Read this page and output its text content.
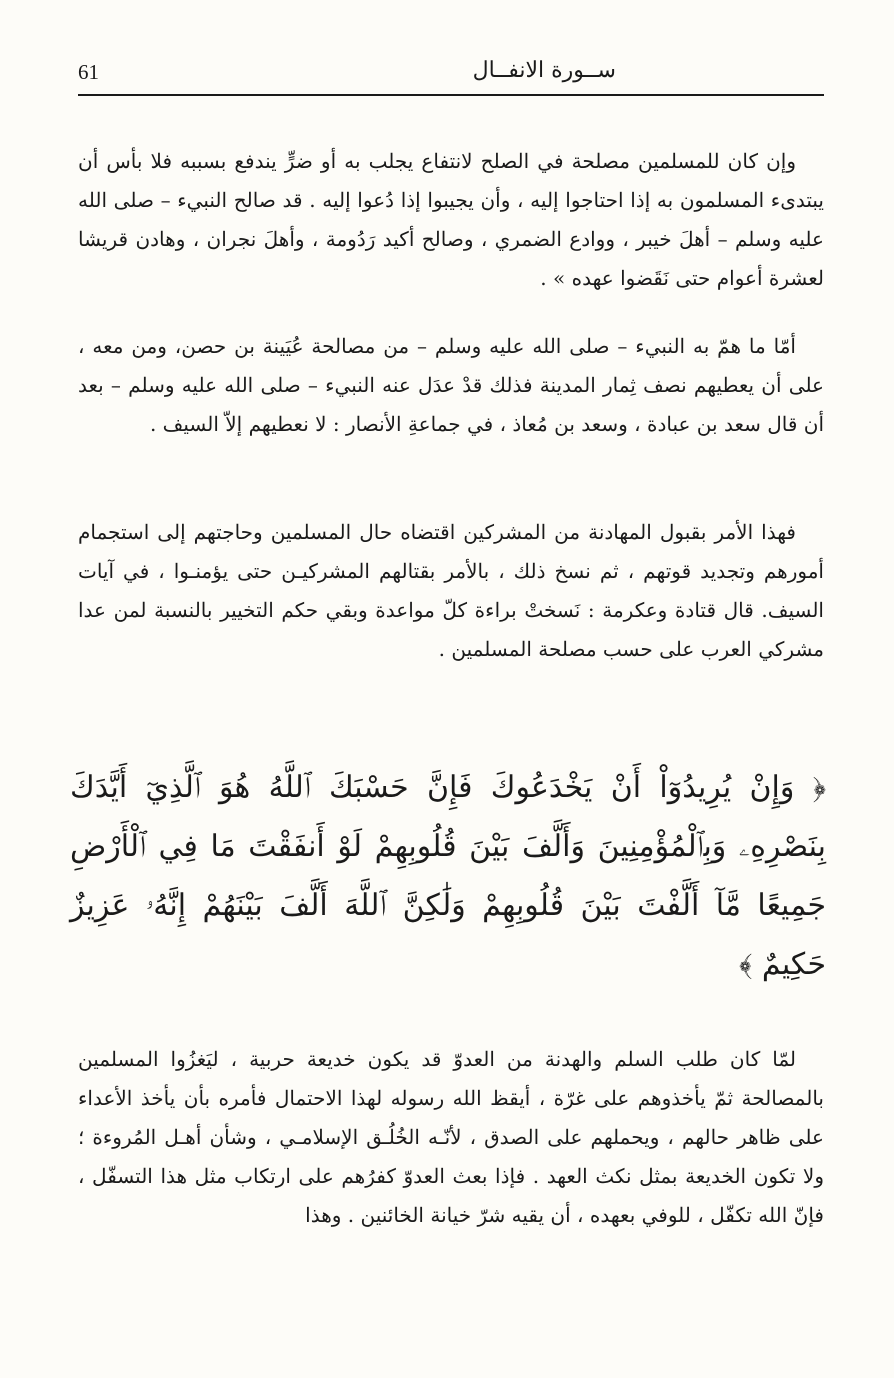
61	ســورة الانفــال

وإن كان للمسلمين مصلحة في الصلح لانتفاع يجلب به أو ضرٍّ يندفع بسببه فلا بأس أن يبتدىء المسلمون به إذا احتاجوا إليه ، وأن يجيبوا إذا دُعوا إليه . قد صالح النبيء – صلى الله عليه وسلم – أهلَ خيبر ، ووادع الضمري ، وصالح أكيد رَدُومة ، وأهلَ نجران ، وهادن قريشا لعشرة أعوام حتى نَقَضوا عهده » .

أمّا ما همّ به النبيء – صلى الله عليه وسلم – من مصالحة عُيَينة بن حصن، ومن معه ، على أن يعطيهم نصف ثِمار المدينة فذلك قدْ عدَل عنه النبيء – صلى الله عليه وسلم – بعد أن قال سعد بن عبادة ، وسعد بن مُعاذ ، في جماعةِ الأنصار : لا نعطيهم إلاّ السيف .

فهذا الأمر بقبول المهادنة من المشركين اقتضاه حال المسلمين وحاجتهم إلى استجمام أمورهم وتجديد قوتهم ، ثم نسخ ذلك ، بالأمر بقتالهم المشركيـن حتى يؤمنـوا ، في آيات السيف. قال قتادة وعكرمة : نَسختْ براءة كلّ مواعدة وبقي حكم التخيير بالنسبة لمن عدا مشركي العرب على حسب مصلحة المسلمين .

﴿ وَإِنْ يُرِيدُوٓاْ أَنْ يَخْدَعُوكَ فَإِنَّ حَسْبَكَ ٱللَّهُ هُوَ ٱلَّذِيٓ أَيَّدَكَ بِنَصْرِهِۦ وَبِٱلْمُؤْمِنِينَ وَأَلَّفَ بَيْنَ قُلُوبِهِمْ لَوْ أَنفَقْتَ مَا فِي ٱلْأَرْضِ جَمِيعًا مَّآ أَلَّفْتَ بَيْنَ قُلُوبِهِمْ وَلَٰكِنَّ ٱللَّهَ أَلَّفَ بَيْنَهُمْ إِنَّهُۥ عَزِيزٌ حَكِيمٌ ﴾

لمّا كان طلب السلم والهدنة من العدوّ قد يكون خديعة حربية ، ليَغزُوا المسلمين بالمصالحة ثمّ يأخذوهم على غرّة ، أيقظ الله رسوله لهذا الاحتمال فأمره بأن يأخذ الأعداء على ظاهر حالهم ، ويحملهم على الصدق ، لأنّـه الخُلُـق الإسلامـي ، وشأن أهـل المُروءة ؛ ولا تكون الخديعة بمثل نكث العهد . فإذا بعث العدوّ كفرُهم على ارتكاب مثل هذا التسفّل ، فإنّ الله تكفّل ، للوفي بعهده ، أن يقيه شرّ خيانة الخائنين . وهذا
